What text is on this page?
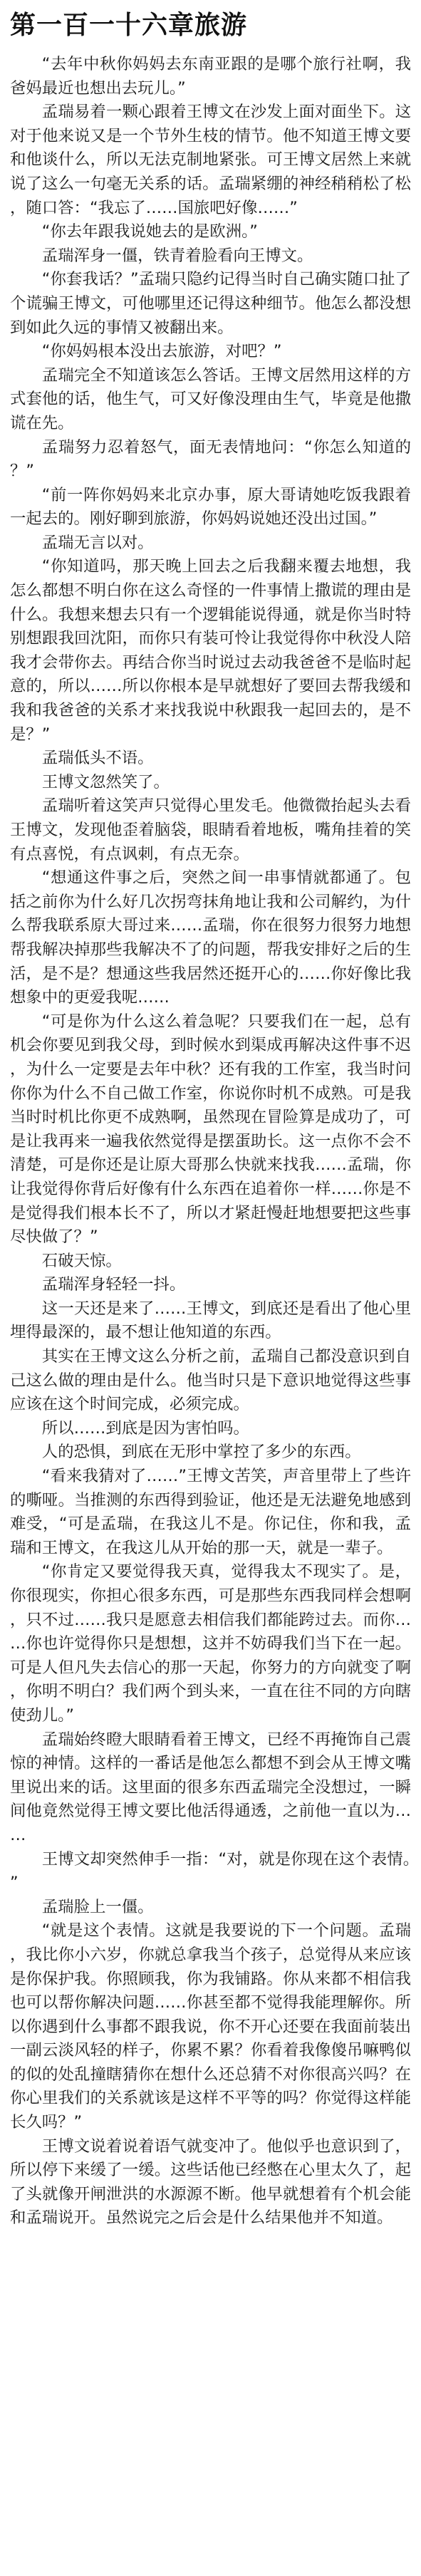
第一百一十六章旅游

“去年中秋你妈妈去东南亚跟的是哪个旅行社啊，我爸妈最近也想出去玩儿。”

孟瑞易着一颗心跟着王博文在沙发上面对面坐下。这对于他来说又是一个节外生枝的情节。他不知道王博文要和他谈什么，所以无法克制地紧张。可王博文居然上来就说了这么一句毫无关系的话。孟瑞紧绷的神经稍稍松了松，随口答：“我忘了……国旅吧好像……”

“你去年跟我说她去的是欧洲。”

孟瑞浑身一僵，铁青着脸看向王博文。

“你套我话？”孟瑞只隐约记得当时自己确实随口扯了个谎骗王博文，可他哪里还记得这种细节。他怎么都没想到如此久远的事情又被翻出来。

“你妈妈根本没出去旅游，对吧？”

孟瑞完全不知道该怎么答话。王博文居然用这样的方式套他的话，他生气，可又好像没理由生气，毕竟是他撒谎在先。

孟瑞努力忍着怒气，面无表情地问：“你怎么知道的？”

“前一阵你妈妈来北京办事，原大哥请她吃饭我跟着一起去的。刚好聊到旅游，你妈妈说她还没出过国。”

孟瑞无言以对。

“你知道吗，那天晚上回去之后我翻来覆去地想，我怎么都想不明白你在这么奇怪的一件事情上撒谎的理由是什么。我想来想去只有一个逻辑能说得通，就是你当时特别想跟我回沈阳，而你只有装可怜让我觉得你中秋没人陪我才会带你去。再结合你当时说过去动我爸爸不是临时起意的，所以……所以你根本是早就想好了要回去帮我缓和我和我爸爸的关系才来找我说中秋跟我一起回去的，是不是？”

孟瑞低头不语。

王博文忽然笑了。

孟瑞听着这笑声只觉得心里发毛。他微微抬起头去看王博文，发现他歪着脑袋，眼睛看着地板，嘴角挂着的笑有点喜悦，有点讽刺，有点无奈。

“想通这件事之后，突然之间一串事情就都通了。包括之前你为什么好几次拐弯抹角地让我和公司解约，为什么帮我联系原大哥过来……孟瑞，你在很努力很努力地想帮我解决掉那些我解决不了的问题，帮我安排好之后的生活，是不是？想通这些我居然还挺开心的……你好像比我想象中的更爱我呢……

“可是你为什么这么着急呢？只要我们在一起，总有机会你要见到我父母，到时候水到渠成再解决这件事不迟，为什么一定要是去年中秋？还有我的工作室，我当时问你你为什么不自己做工作室，你说你时机不成熟。可是我当时时机比你更不成熟啊，虽然现在冒险算是成功了，可是让我再来一遍我依然觉得是摆蛋助长。这一点你不会不清楚，可是你还是让原大哥那么快就来找我……孟瑞，你让我觉得你背后好像有什么东西在追着你一样……你是不是觉得我们根本长不了，所以才紧赶慢赶地想要把这些事尽快做了？”

石破天惊。

孟瑞浑身轻轻一抖。

这一天还是来了……王博文，到底还是看出了他心里埋得最深的，最不想让他知道的东西。

其实在王博文这么分析之前，孟瑞自己都没意识到自己这么做的理由是什么。他当时只是下意识地觉得这些事应该在这个时间完成，必须完成。

所以……到底是因为害怕吗。

人的恐惧，到底在无形中掌控了多少的东西。

“看来我猜对了……”王博文苦笑，声音里带上了些许的嘶哑。当推测的东西得到验证，他还是无法避免地感到难受，“可是孟瑞，在我这儿不是。你记住，你和我，孟瑞和王博文，在我这儿从开始的那一天，就是一辈子。

“你肯定又要觉得我天真，觉得我太不现实了。是，你很现实，你担心很多东西，可是那些东西我同样会想啊，只不过……我只是愿意去相信我们都能跨过去。而你……你也许觉得你只是想想，这并不妨碍我们当下在一起。可是人但凡失去信心的那一天起，你努力的方向就变了啊，你明不明白？我们两个到头来，一直在往不同的方向瞎使劲儿。”

孟瑞始终瞪大眼睛看着王博文，已经不再掩饰自己震惊的神情。这样的一番话是他怎么都想不到会从王博文嘴里说出来的话。这里面的很多东西孟瑞完全没想过，一瞬间他竟然觉得王博文要比他活得通透，之前他一直以为……

王博文却突然伸手一指：“对，就是你现在这个表情。”

孟瑞脸上一僵。

“就是这个表情。这就是我要说的下一个问题。孟瑞，我比你小六岁，你就总拿我当个孩子，总觉得从来应该是你保护我。你照顾我，你为我铺路。你从来都不相信我也可以帮你解决问题……你甚至都不觉得我能理解你。所以你遇到什么事都不跟我说，你不开心还要在我面前装出一副云淡风轻的样子，你累不累？你看着我像傻吊嘛鸭似的似的处乱撞瞎猜你在想什么还总猜不对你很高兴吗？在你心里我们的关系就该是这样不平等的吗？你觉得这样能长久吗？”

王博文说着说着语气就变冲了。他似乎也意识到了，所以停下来缓了一缓。这些话他已经憋在心里太久了，起了头就像开闸泄洪的水源源不断。他早就想着有个机会能和孟瑞说开。虽然说完之后会是什么结果他并不知道。
